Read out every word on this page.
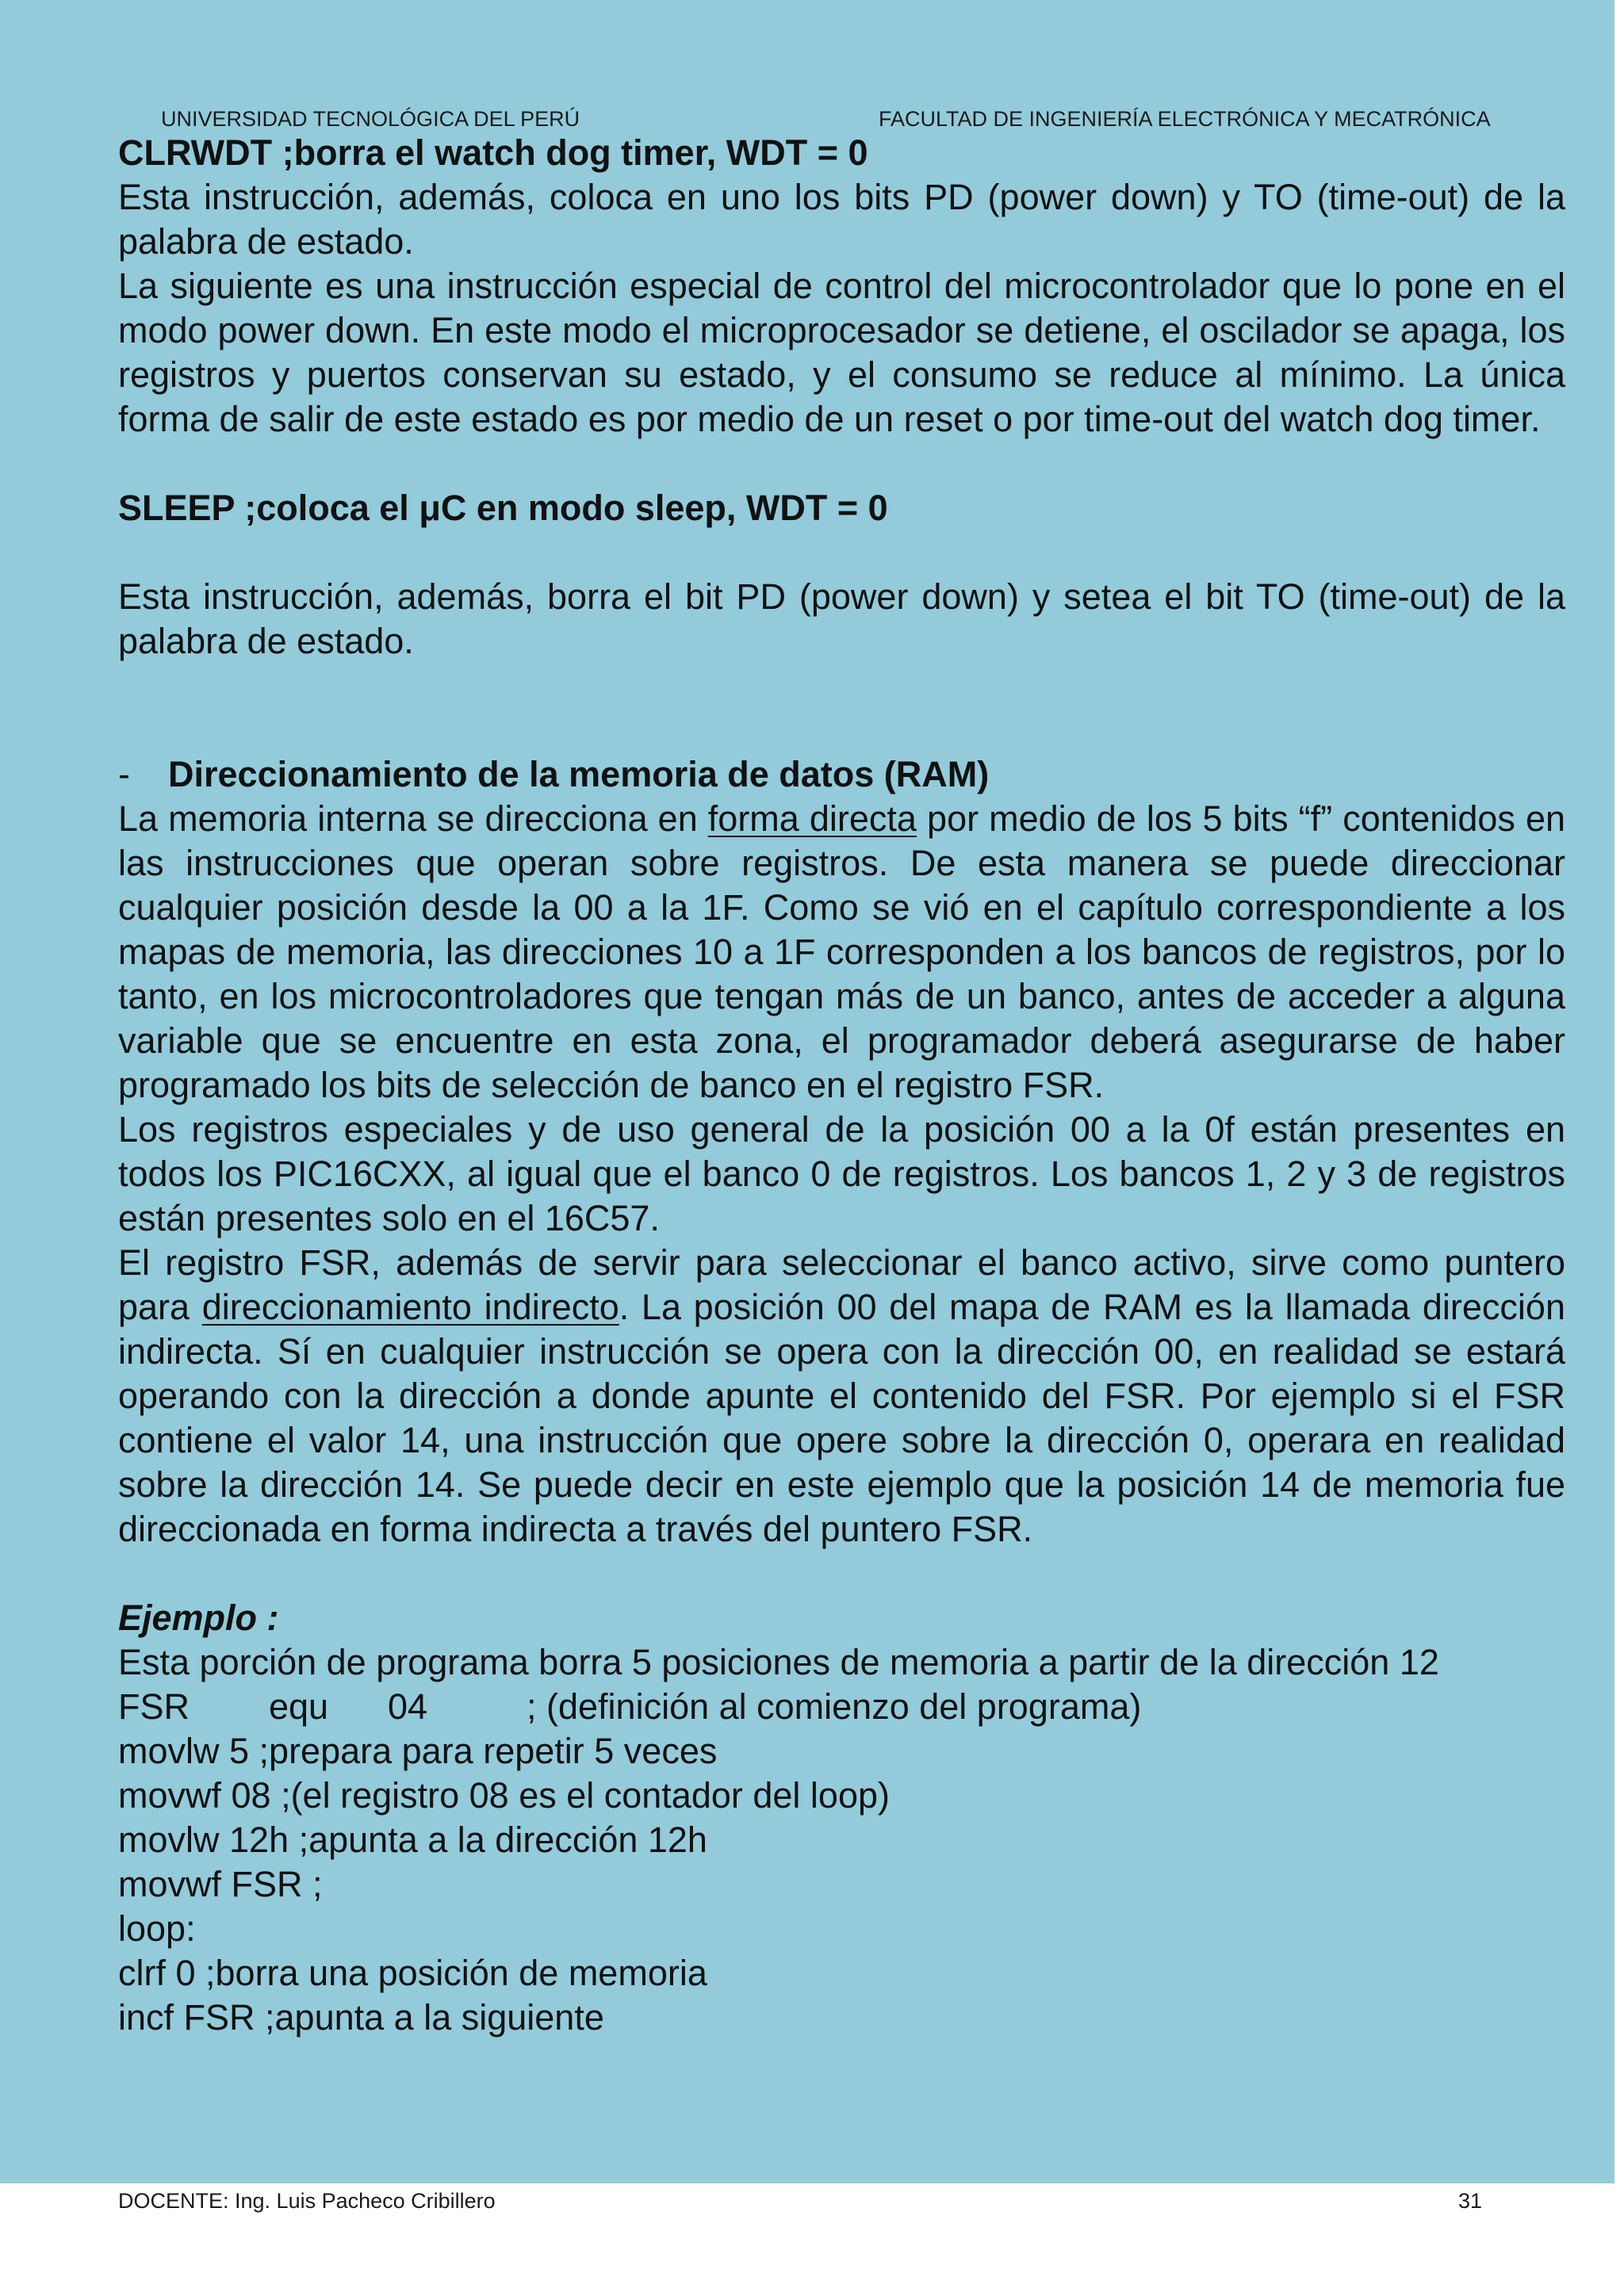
UNIVERSIDAD TECNOLÓGICA DEL PERÚ	FACULTAD DE INGENIERÍA ELECTRÓNICA Y MECATRÓNICA

CLRWDT ;borra el watch dog timer, WDT = 0

Esta instrucción, además, coloca en uno los bits PD (power down) y TO (time-out) de la palabra de estado.

La siguiente es una instrucción especial de control del microcontrolador que lo pone en el modo power down. En este modo el microprocesador se detiene, el oscilador se apaga, los registros y puertos conservan su estado, y el consumo se reduce al mínimo. La única forma de salir de este estado es por medio de un reset o por time-out del watch dog timer.

SLEEP ;coloca el μC en modo sleep, WDT = 0

Esta instrucción, además, borra el bit PD (power down) y setea el bit TO (time-out) de la palabra de estado.

-	Direccionamiento de la memoria de datos (RAM)

La memoria interna se direcciona en forma directa por medio de los 5 bits “f” contenidos en las instrucciones que operan sobre registros. De esta manera se puede direccionar cualquier posición desde la 00 a la 1F. Como se vió en el capítulo correspondiente a los mapas de memoria, las direcciones 10 a 1F corresponden a los bancos de registros, por lo tanto, en los microcontroladores que tengan más de un banco, antes de acceder a alguna variable que se encuentre en esta zona, el programador deberá asegurarse de haber programado los bits de selección de banco en el registro FSR.

Los registros especiales y de uso general de la posición 00 a la 0f están presentes en todos los PIC16CXX, al igual que el banco 0 de registros. Los bancos 1, 2 y 3 de registros están presentes solo en el 16C57.

El registro FSR, además de servir para seleccionar el banco activo, sirve como puntero para direccionamiento indirecto. La posición 00 del mapa de RAM es la llamada dirección indirecta. Sí en cualquier instrucción se opera con la dirección 00, en realidad se estará operando con la dirección a donde apunte el contenido del FSR. Por ejemplo si el FSR contiene el valor 14, una instrucción que opere sobre la dirección 0, operara en realidad sobre la dirección 14. Se puede decir en este ejemplo que la posición 14 de memoria fue direccionada en forma indirecta a través del puntero FSR.

Ejemplo :

Esta porción de programa borra 5 posiciones de memoria a partir de la dirección 12

FSR	equ	04	; (definición al comienzo del programa)
movlw 5 ;prepara para repetir 5 veces
movwf 08 ;(el registro 08 es el contador del loop)
movlw 12h ;apunta a la dirección 12h
movwf FSR ;
loop:
clrf 0 ;borra una posición de memoria
incf FSR ;apunta a la siguiente
DOCENTE: Ing. Luis Pacheco Cribillero	31
